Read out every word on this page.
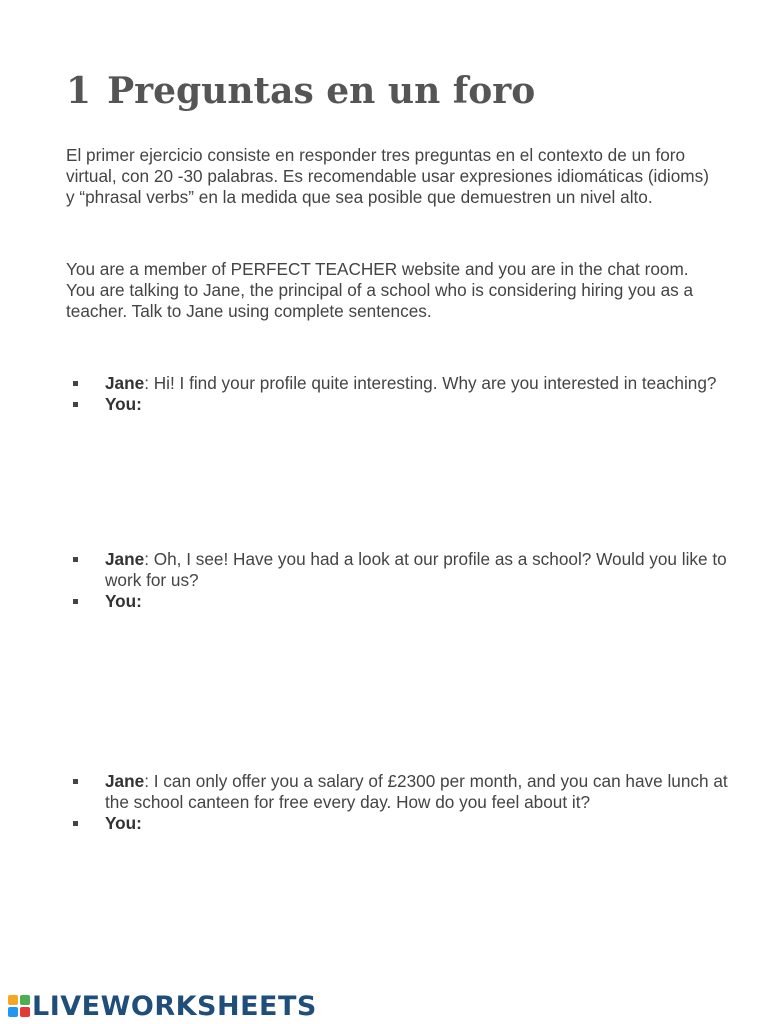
1 Preguntas en un foro

El primer ejercicio consiste en responder tres preguntas en el contexto de un foro virtual, con 20 -30 palabras. Es recomendable usar expresiones idiomáticas (idioms) y “phrasal verbs” en la medida que sea posible que demuestren un nivel alto.

You are a member of PERFECT TEACHER website and you are in the chat room. You are talking to Jane, the principal of a school who is considering hiring you as a teacher. Talk to Jane using complete sentences.

Jane: Hi! I find your profile quite interesting. Why are you interested in teaching?
You:
Jane: Oh, I see! Have you had a look at our profile as a school? Would you like to work for us?
You:
Jane: I can only offer you a salary of £2300 per month, and you can have lunch at the school canteen for free every day. How do you feel about it?
You:
LIVEWORKSHEETS
